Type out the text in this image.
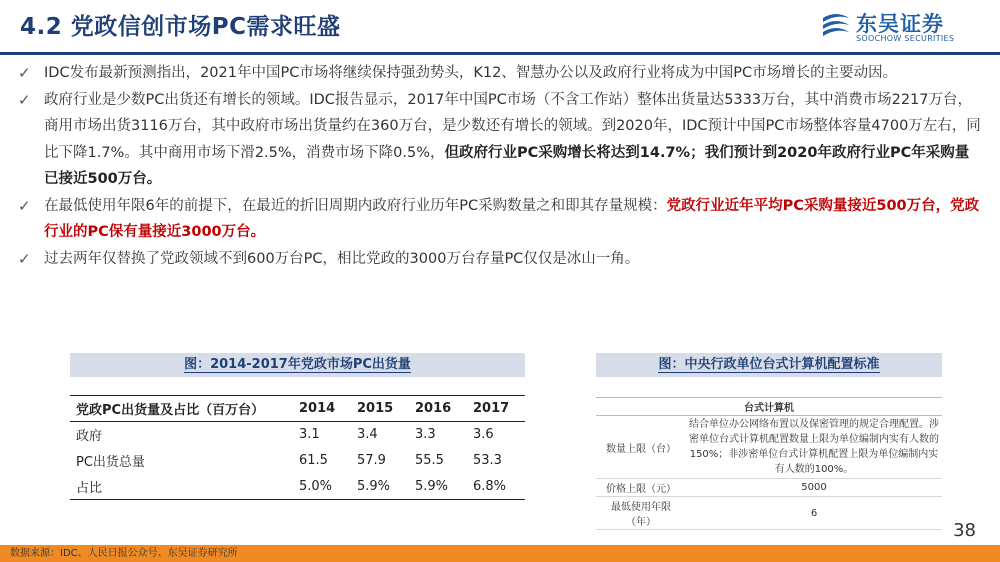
4.2 党政信创市场PC需求旺盛	东吴证券
SOOCHOW SECURITIES
✓ IDC发布最新预测指出，2021年中国PC市场将继续保持强劲势头，K12、智慧办公以及政府行业将成为中国PC市场增长的主要动因。
✓ 政府行业是少数PC出货还有增长的领域。IDC报告显示，2017年中国PC市场（不含工作站）整体出货量达5333万台，其中消费市场2217万台，商用市场出货3116万台，其中政府市场出货量约在360万台，是少数还有增长的领域。到2020年，IDC预计中国PC市场整体容量4700万左右，同比下降1.7%。其中商用市场下滑2.5%，消费市场下降0.5%，但政府行业PC采购增长将达到14.7%；我们预计到2020年政府行业PC年采购量已接近500万台。
✓ 在最低使用年限6年的前提下，在最近的折旧周期内政府行业历年PC采购数量之和即其存量规模：党政行业近年平均PC采购量接近500万台，党政行业的PC保有量接近3000万台。
✓ 过去两年仅替换了党政领域不到600万台PC，相比党政的3000万台存量PC仅仅是冰山一角。
图：2014-2017年党政市场PC出货量
党政PC出货量及占比（百万台）	2014	2015	2016	2017
政府	3.1	3.4	3.3	3.6
PC出货总量	61.5	57.9	55.5	53.3
占比	5.0%	5.9%	5.9%	6.8%
图：中央行政单位台式计算机配置标准
台式计算机	
数量上限（台）	结合单位办公网络布置以及保密管理的规定合理配置。涉密单位台式计算机配置数量上限为单位编制内实有人数的150%；非涉密单位台式计算机配置上限为单位编制内实有人数的100%。
价格上限（元）	5000
最低使用年限（年）	6
38
数据来源：IDC、人民日报公众号、东吴证券研究所
